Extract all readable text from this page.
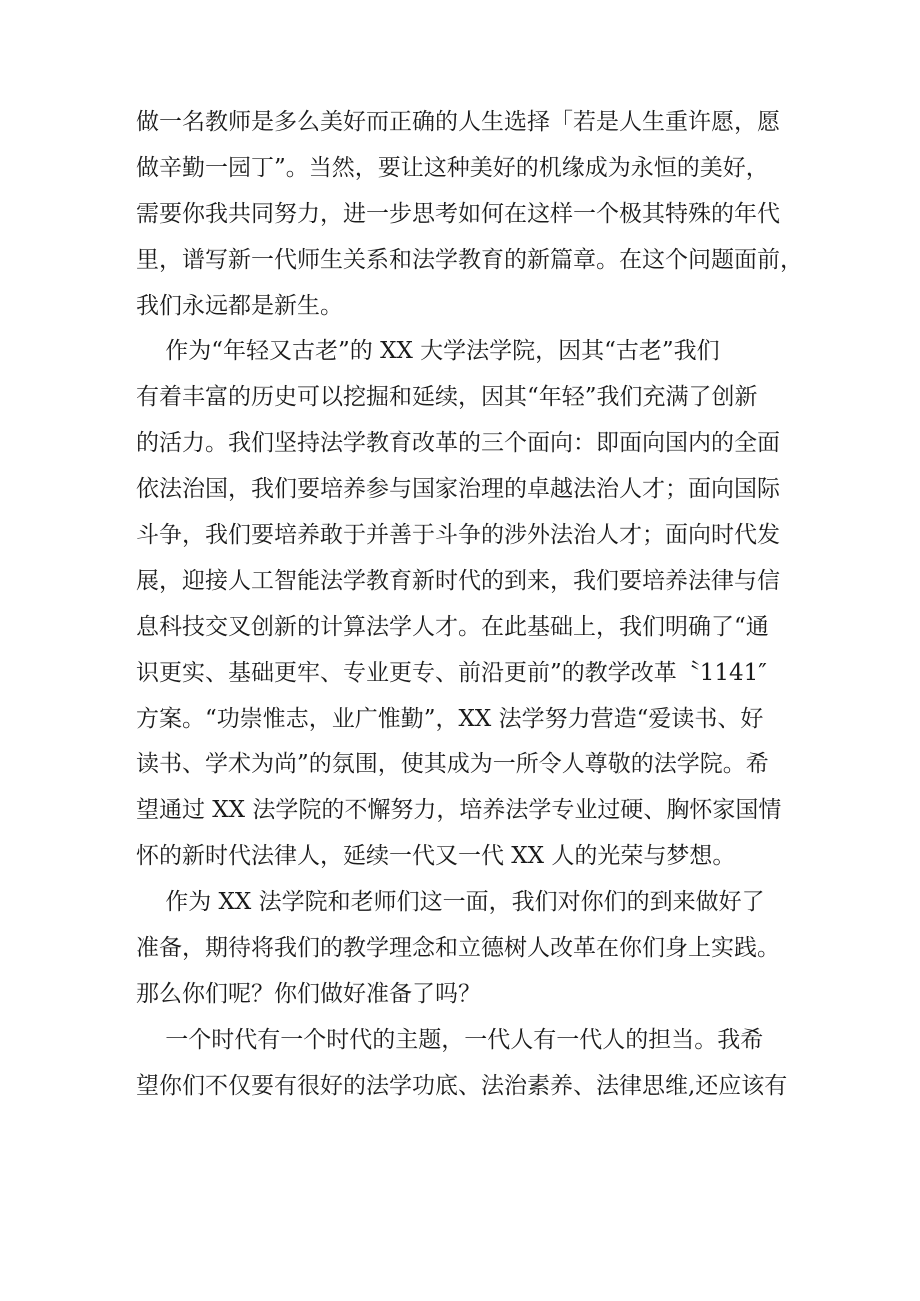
做一名教师是多么美好而正确的人生选择「若是人生重许愿，愿
做辛勤一园丁”。当然，要让这种美好的机缘成为永恒的美好，
需要你我共同努力，进一步思考如何在这样一个极其特殊的年代
里，谱写新一代师生关系和法学教育的新篇章。在这个问题面前，
我们永远都是新生。
作为“年轻又古老”的 XX 大学法学院，因其“古老”我们
有着丰富的历史可以挖掘和延续，因其“年轻”我们充满了创新
的活力。我们坚持法学教育改革的三个面向：即面向国内的全面
依法治国，我们要培养参与国家治理的卓越法治人才；面向国际
斗争，我们要培养敢于并善于斗争的涉外法治人才；面向时代发
展，迎接人工智能法学教育新时代的到来，我们要培养法律与信
息科技交叉创新的计算法学人才。在此基础上，我们明确了“通
识更实、基础更牢、专业更专、前沿更前”的教学改革〝1141″
方案。“功崇惟志，业广惟勤”，XX 法学努力营造“爱读书、好
读书、学术为尚”的氛围，使其成为一所令人尊敬的法学院。希
望通过 XX 法学院的不懈努力，培养法学专业过硬、胸怀家国情
怀的新时代法律人，延续一代又一代 XX 人的光荣与梦想。
作为 XX 法学院和老师们这一面，我们对你们的到来做好了
准备，期待将我们的教学理念和立德树人改革在你们身上实践。
那么你们呢？你们做好准备了吗？
一个时代有一个时代的主题，一代人有一代人的担当。我希
望你们不仅要有很好的法学功底、法治素养、法律思维,还应该有
